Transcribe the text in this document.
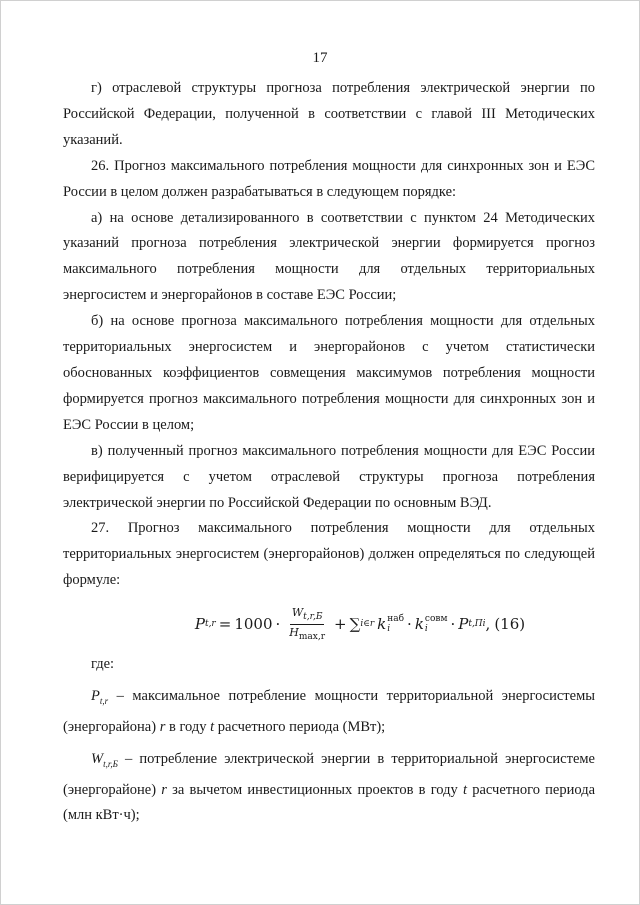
17

г) отраслевой структуры прогноза потребления электрической энергии по Российской Федерации, полученной в соответствии с главой III Методических указаний.

26. Прогноз максимального потребления мощности для синхронных зон и ЕЭС России в целом должен разрабатываться в следующем порядке:

а) на основе детализированного в соответствии с пунктом 24 Методических указаний прогноза потребления электрической энергии формируется прогноз максимального потребления мощности для отдельных территориальных энергосистем и энергорайонов в составе ЕЭС России;

б) на основе прогноза максимального потребления мощности для отдельных территориальных энергосистем и энергорайонов с учетом статистически обоснованных коэффициентов совмещения максимумов потребления мощности формируется прогноз максимального потребления мощности для синхронных зон и ЕЭС России в целом;

в) полученный прогноз максимального потребления мощности для ЕЭС России верифицируется с учетом отраслевой структуры прогноза потребления электрической энергии по Российской Федерации по основным ВЭД.

27. Прогноз максимального потребления мощности для отдельных территориальных энергосистем (энергорайонов) должен определяться по следующей формуле:

P $t,r = 1000 \cdot \frac{W_{t,r,Б}}{H_{max,r}}$ + ∑ i∈r k наб
i	· k совм
i	· P t,Пi , (16)

где:

$P_{t,r}$ – максимальное потребление мощности территориальной энергосистемы (энергорайона) r в году t расчетного периода (МВт);

$W_{t,r,Б}$ – потребление электрической энергии в территориальной энергосистеме (энергорайоне) r за вычетом инвестиционных проектов в году t расчетного периода (млн кВт·ч);
